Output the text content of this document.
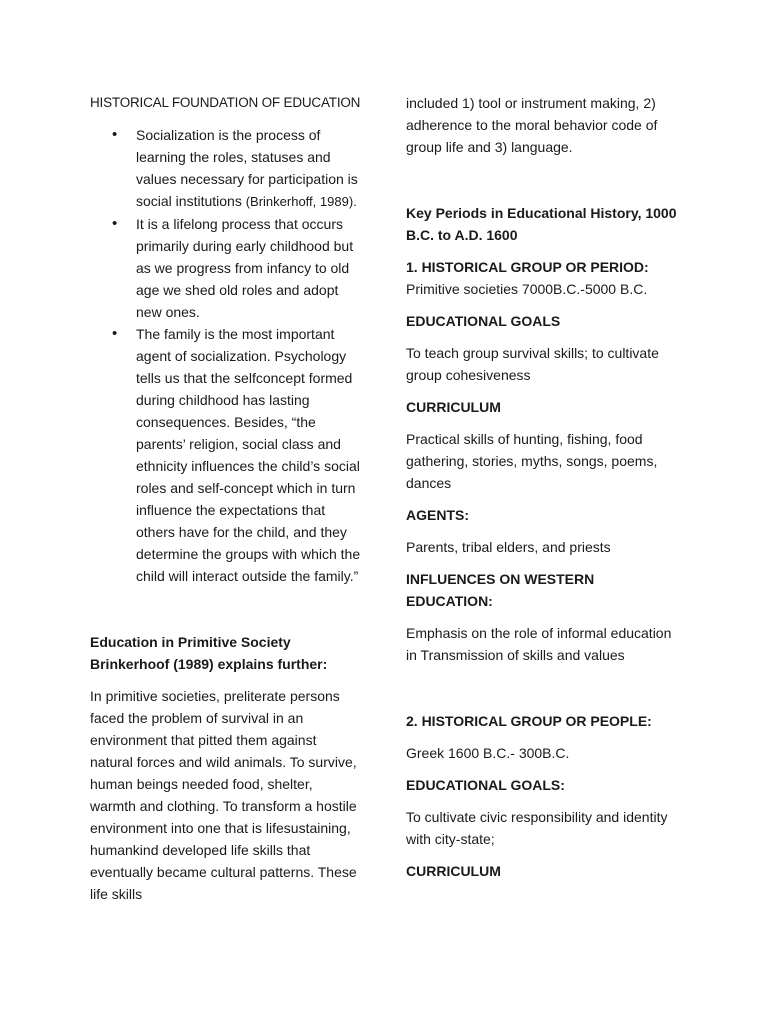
HISTORICAL FOUNDATION OF EDUCATION
• Socialization is the process of learning the roles, statuses and values necessary for participation is social institutions (Brinkerhoff, 1989).
• It is a lifelong process that occurs primarily during early childhood but as we progress from infancy to old age we shed old roles and adopt new ones.
• The family is the most important agent of socialization. Psychology tells us that the selfconcept formed during childhood has lasting consequences. Besides, “the parents’ religion, social class and ethnicity influences the child’s social roles and self-concept which in turn influence the expectations that others have for the child, and they determine the groups with which the child will interact outside the family.”
Education in Primitive Society
Brinkerhoof (1989) explains further:
In primitive societies, preliterate persons faced the problem of survival in an environment that pitted them against natural forces and wild animals. To survive, human beings needed food, shelter, warmth and clothing. To transform a hostile environment into one that is lifesustaining, humankind developed life skills that eventually became cultural patterns. These life skills
included 1) tool or instrument making, 2) adherence to the moral behavior code of group life and 3) language.
Key Periods in Educational History, 1000 B.C. to A.D. 1600
1. HISTORICAL GROUP OR PERIOD:
Primitive societies 7000B.C.-5000 B.C.
EDUCATIONAL GOALS
To teach group survival skills; to cultivate group cohesiveness
CURRICULUM
Practical skills of hunting, fishing, food gathering, stories, myths, songs, poems, dances
AGENTS:
Parents, tribal elders, and priests
INFLUENCES ON WESTERN EDUCATION:
Emphasis on the role of informal education in Transmission of skills and values
2. HISTORICAL GROUP OR PEOPLE:
Greek 1600 B.C.- 300B.C.
EDUCATIONAL GOALS:
To cultivate civic responsibility and identity with city-state;
CURRICULUM
